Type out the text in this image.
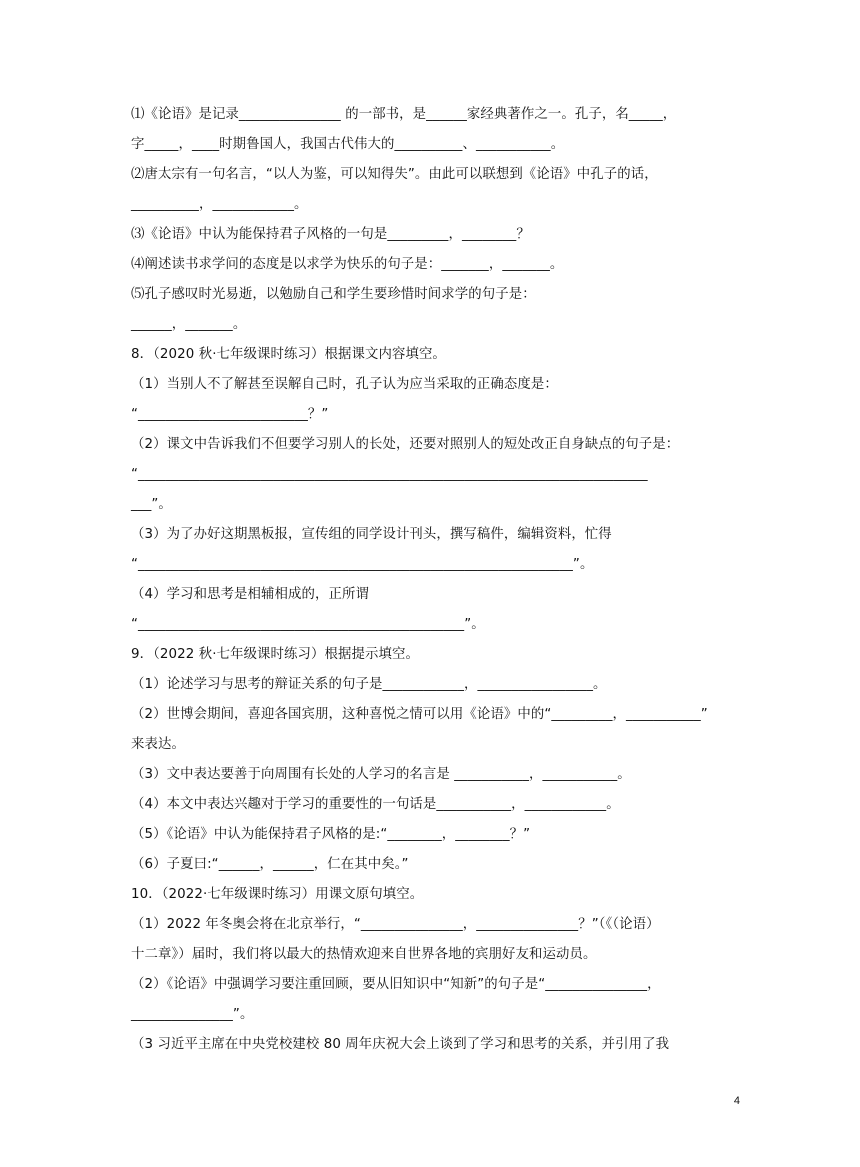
⑴《论语》是记录_______________ 的一部书，是______家经典著作之一。孔子，名_____，
字_____，____时期鲁国人，我国古代伟大的__________、___________。
⑵唐太宗有一句名言，“以人为鉴，可以知得失”。由此可以联想到《论语》中孔子的话，
__________，____________。
⑶《论语》中认为能保持君子风格的一句是_________，________？
⑷阐述读书求学问的态度是以求学为快乐的句子是：_______，_______。
⑸孔子感叹时光易逝，以勉励自己和学生要珍惜时间求学的句子是：
______，_______。
8．（2020 秋·七年级课时练习）根据课文内容填空。
（1）当别人不了解甚至误解自己时，孔子认为应当采取的正确态度是：
“_________________________？”
（2）课文中告诉我们不但要学习别人的长处，还要对照别人的短处改正自身缺点的句子是：
“___________________________________________________________________________
___”。
（3）为了办好这期黑板报，宣传组的同学设计刊头，撰写稿件，编辑资料，忙得
“________________________________________________________________”。
（4）学习和思考是相辅相成的，正所谓
“________________________________________________”。
9．（2022 秋·七年级课时练习）根据提示填空。
（1）论述学习与思考的辩证关系的句子是____________，_________________。
（2）世博会期间，喜迎各国宾朋，这种喜悦之情可以用《论语》中的“_________，___________”
来表达。
（3）文中表达要善于向周围有长处的人学习的名言是 ___________，___________。
（4）本文中表达兴趣对于学习的重要性的一句话是___________，____________。
（5）《论语》中认为能保持君子风格的是:“________，________？”
（6）子夏曰:“______，______，仁在其中矣。”
10．（2022·七年级课时练习）用课文原句填空。
（1）2022 年冬奥会将在北京举行，“_______________，_______________？”（《（论语）
十二章》）届时，我们将以最大的热情欢迎来自世界各地的宾朋好友和运动员。
（2）《论语》中强调学习要注重回顾，要从旧知识中“知新”的句子是“_______________，
_______________”。
（3 习近平主席在中央党校建校 80 周年庆祝大会上谈到了学习和思考的关系，并引用了我
4
